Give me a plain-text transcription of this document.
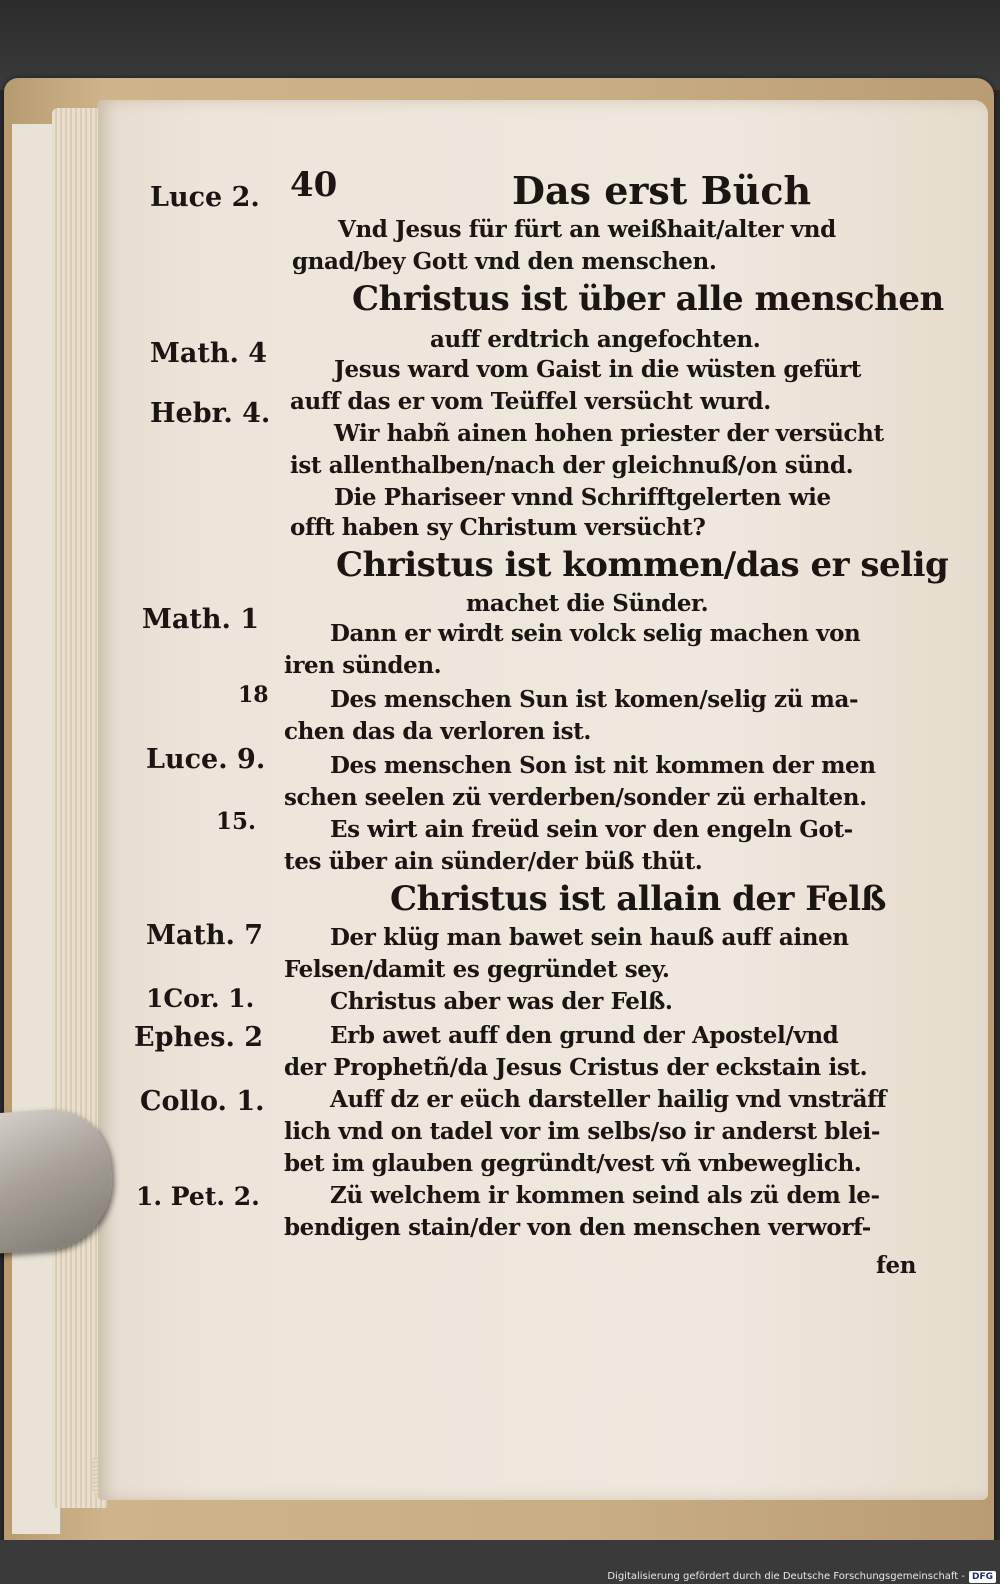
40	Das erst Büch
Luce 2.
Math. 4
Hebr. 4.
Math. 1
18
Luce. 9.
15.
Math. 7
1Cor. 1.
Ephes. 2
Collo. 1.
1. Pet. 2.
Vnd Jesus für fürt an weißhait/alter vnd
gnad/bey Gott vnd den menschen.
Christus ist über alle menschen
auff erdtrich angefochten.
Jesus ward vom Gaist in die wüsten gefürt
auff das er vom Teüffel versücht wurd.
Wir habñ ainen hohen priester der versücht
ist allenthalben/nach der gleichnuß/on sünd.
Die Phariseer vnnd Schrifftgelerten wie
offt haben sy Christum versücht?
Christus ist kommen/das er selig
machet die Sünder.
Dann er wirdt sein volck selig machen von
iren sünden.
Des menschen Sun ist komen/selig zü ma-
chen das da verloren ist.
Des menschen Son ist nit kommen der men
schen seelen zü verderben/sonder zü erhalten.
Es wirt ain freüd sein vor den engeln Got-
tes über ain sünder/der büß thüt.
Christus ist allain der Felß
Der klüg man bawet sein hauß auff ainen
Felsen/damit es gegründet sey.
Christus aber was der Felß.
Erb awet auff den grund der Apostel/vnd
der Prophetñ/da Jesus Cristus der eckstain ist.
Auff dz er eüch darsteller hailig vnd vnsträff
lich vnd on tadel vor im selbs/so ir anderst blei-
bet im glauben gegründt/vest vñ vnbeweglich.
Zü welchem ir kommen seind als zü dem le-
bendigen stain/der von den menschen verworf-
fen
Digitalisierung gefördert durch die Deutsche Forschungsgemeinschaft - DFG
